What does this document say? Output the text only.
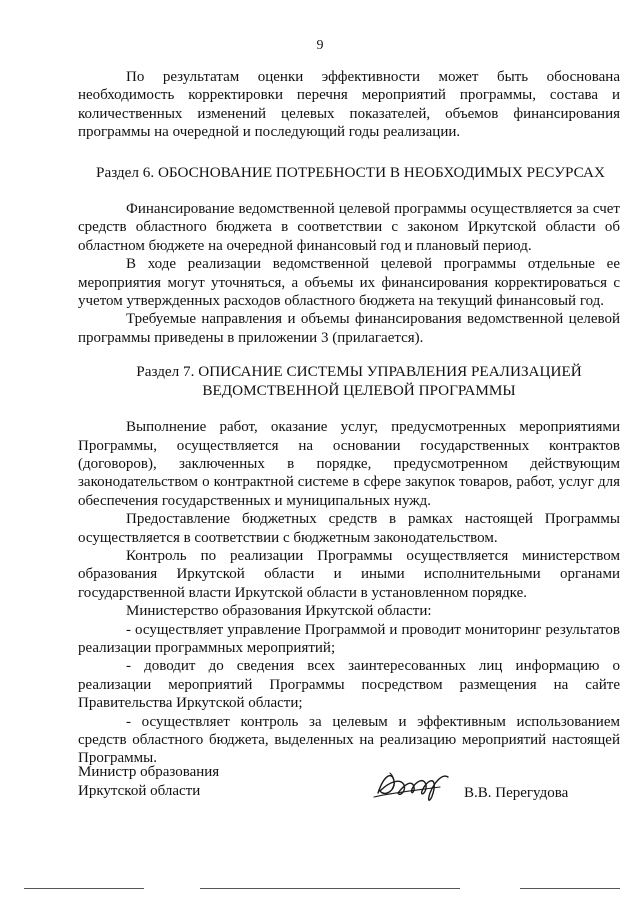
9

По результатам оценки эффективности может быть обоснована необходимость корректировки перечня мероприятий программы, состава и количественных изменений целевых показателей, объемов финансирования программы на очередной и последующий годы реализации.

Раздел 6. ОБОСНОВАНИЕ ПОТРЕБНОСТИ В НЕОБХОДИМЫХ РЕСУРСАХ

Финансирование ведомственной целевой программы осуществляется за счет средств областного бюджета в соответствии с законом Иркутской области об областном бюджете на очередной финансовый год и плановый период.

В ходе реализации ведомственной целевой программы отдельные ее мероприятия могут уточняться, а объемы их финансирования корректироваться с учетом утвержденных расходов областного бюджета на текущий финансовый год.

Требуемые направления и объемы финансирования ведомственной целевой программы приведены в приложении 3 (прилагается).

Раздел 7. ОПИСАНИЕ СИСТЕМЫ УПРАВЛЕНИЯ РЕАЛИЗАЦИЕЙ
ВЕДОМСТВЕННОЙ ЦЕЛЕВОЙ ПРОГРАММЫ

Выполнение работ, оказание услуг, предусмотренных мероприятиями Программы, осуществляется на основании государственных контрактов (договоров), заключенных в порядке, предусмотренном действующим законодательством о контрактной системе в сфере закупок товаров, работ, услуг для обеспечения государственных и муниципальных нужд.

Предоставление бюджетных средств в рамках настоящей Программы осуществляется в соответствии с бюджетным законодательством.

Контроль по реализации Программы осуществляется министерством образования Иркутской области и иными исполнительными органами государственной власти Иркутской области в установленном порядке.

Министерство образования Иркутской области:

- осуществляет управление Программой и проводит мониторинг результатов реализации программных мероприятий;

- доводит до сведения всех заинтересованных лиц информацию о реализации мероприятий Программы посредством размещения на сайте Правительства Иркутской области;

- осуществляет контроль за целевым и эффективным использованием средств областного бюджета, выделенных на реализацию мероприятий настоящей Программы.

Министр образования
Иркутской области	В.В. Перегудова
